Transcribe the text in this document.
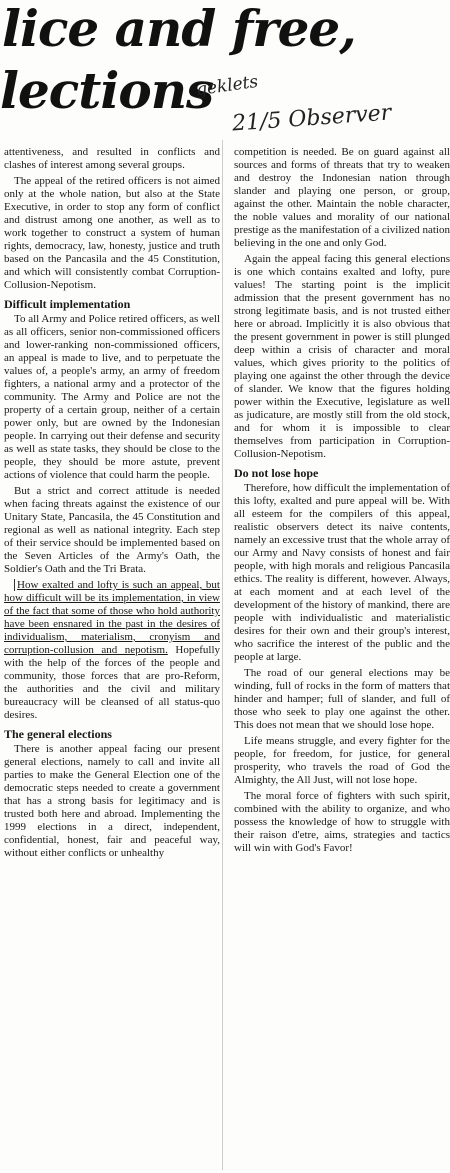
lice and free,
lections
geklets
21/5 Observer

attentiveness, and resulted in conflicts and clashes of interest among several groups.

The appeal of the retired officers is not aimed only at the whole nation, but also at the State Executive, in order to stop any form of conflict and distrust among one another, as well as to work together to construct a system of human rights, democracy, law, honesty, justice and truth based on the Pancasila and the 45 Constitution, and which will consistently combat Corruption-Collusion-Nepotism.

Difficult implementation

To all Army and Police retired officers, as well as all officers, senior non-commissioned officers and lower-ranking non-commissioned officers, an appeal is made to live, and to perpetuate the values of, a people's army, an army of freedom fighters, a national army and a protector of the community. The Army and Police are not the property of a certain group, neither of a certain power only, but are owned by the Indonesian people. In carrying out their defense and security as well as state tasks, they should be close to the people, they should be more astute, prevent actions of violence that could harm the people.

But a strict and correct attitude is needed when facing threats against the existence of our Unitary State, Pancasila, the 45 Constitution and regional as well as national integrity. Each step of their service should be implemented based on the Seven Articles of the Army's Oath, the Soldier's Oath and the Tri Brata.

How exalted and lofty is such an appeal, but how difficult will be its implementation, in view of the fact that some of those who hold authority have been ensnared in the past in the desires of individualism, materialism, cronyism and corruption-collusion and nepotism. Hopefully with the help of the forces of the people and community, those forces that are pro-Reform, the authorities and the civil and military bureaucracy will be cleansed of all status-quo desires.

The general elections

There is another appeal facing our present general elections, namely to call and invite all parties to make the General Election one of the democratic steps needed to create a government that has a strong basis for legitimacy and is trusted both here and abroad. Implementing the 1999 elections in a direct, independent, confidential, honest, fair and peaceful way, without either conflicts or unhealthy

competition is needed. Be on guard against all sources and forms of threats that try to weaken and destroy the Indonesian nation through slander and playing one person, or group, against the other. Maintain the noble character, the noble values and morality of our national prestige as the manifestation of a civilized nation believing in the one and only God.

Again the appeal facing this general elections is one which contains exalted and lofty, pure values! The starting point is the implicit admission that the present government has no strong legitimate basis, and is not trusted either here or abroad. Implicitly it is also obvious that the present government in power is still plunged deep within a crisis of character and moral values, which gives priority to the politics of playing one against the other through the device of slander. We know that the figures holding power within the Executive, legislature as well as judicature, are mostly still from the old stock, and for whom it is impossible to clear themselves from participation in Corruption-Collusion-Nepotism.

Do not lose hope

Therefore, how difficult the implementation of this lofty, exalted and pure appeal will be. With all esteem for the compilers of this appeal, realistic observers detect its naive contents, namely an excessive trust that the whole array of our Army and Navy consists of honest and fair people, with high morals and religious Pancasila ethics. The reality is different, however. Always, at each moment and at each level of the development of the history of mankind, there are people with individualistic and materialistic desires for their own and their group's interest, who sacrifice the interest of the public and the people at large.

The road of our general elections may be winding, full of rocks in the form of matters that hinder and hamper; full of slander, and full of those who seek to play one against the other. This does not mean that we should lose hope.

Life means struggle, and every fighter for the people, for freedom, for justice, for general prosperity, who travels the road of God the Almighty, the All Just, will not lose hope.

The moral force of fighters with such spirit, combined with the ability to organize, and who possess the knowledge of how to struggle with their raison d'etre, aims, strategies and tactics will win with God's Favor!
